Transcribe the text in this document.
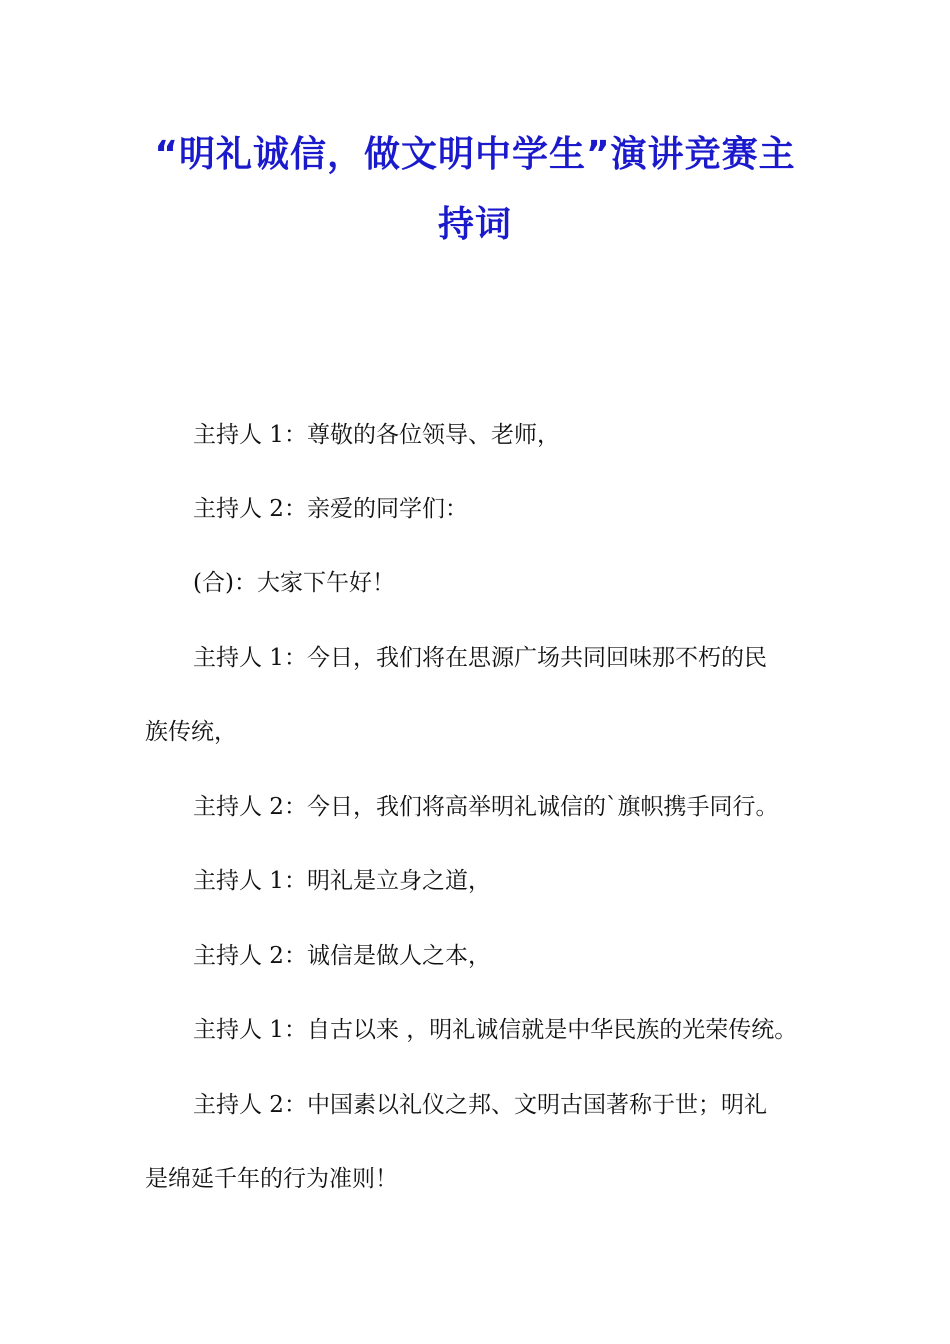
“明礼诚信，做文明中学生”演讲竞赛主
持词
主持人 1：尊敬的各位领导、老师，
主持人 2：亲爱的同学们：
(合)：大家下午好！
主持人 1：今日，我们将在思源广场共同回味那不朽的民
族传统，
主持人 2：今日，我们将高举明礼诚信的`旗帜携手同行。
主持人 1：明礼是立身之道，
主持人 2：诚信是做人之本，
主持人 1：自古以来 ，明礼诚信就是中华民族的光荣传统。
主持人 2：中国素以礼仪之邦、文明古国著称于世；明礼
是绵延千年的行为准则！
